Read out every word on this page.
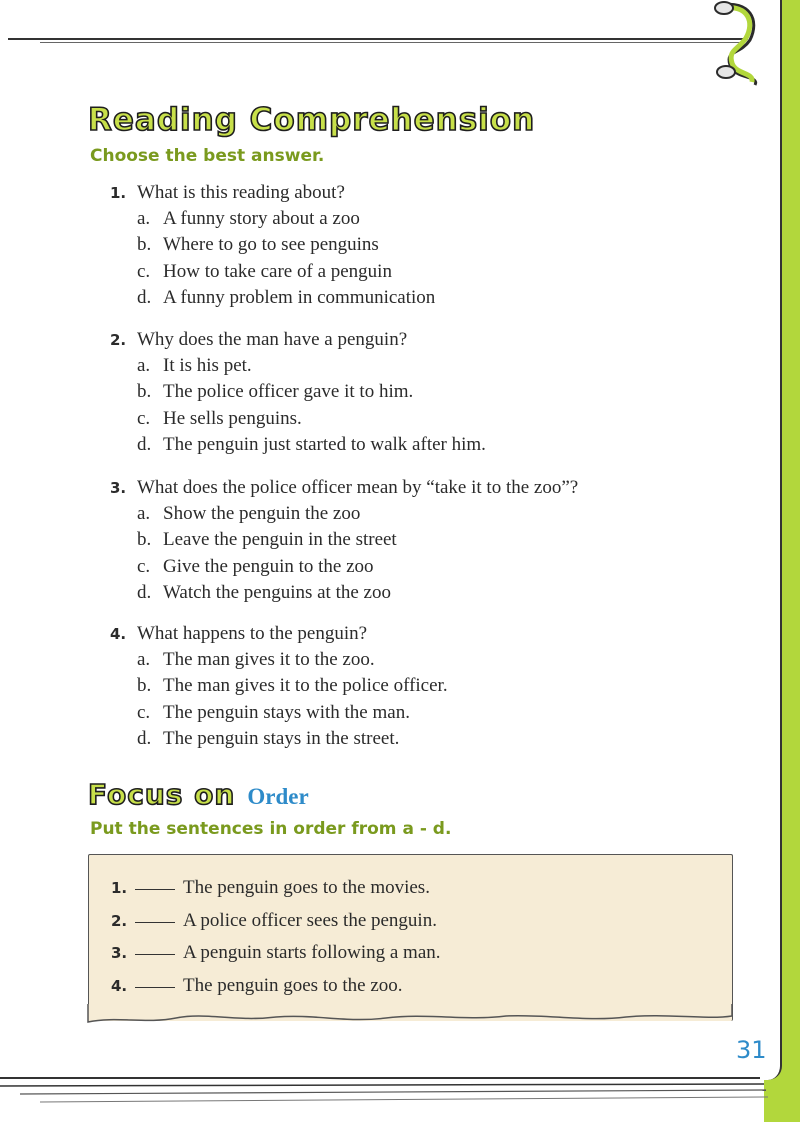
Reading Comprehension

Choose the best answer.

1. What is this reading about?
a. A funny story about a zoo
b. Where to go to see penguins
c. How to take care of a penguin
d. A funny problem in communication
2. Why does the man have a penguin?
a. It is his pet.
b. The police officer gave it to him.
c. He sells penguins.
d. The penguin just started to walk after him.
3. What does the police officer mean by “take it to the zoo”?
a. Show the penguin the zoo
b. Leave the penguin in the street
c. Give the penguin to the zoo
d. Watch the penguins at the zoo
4. What happens to the penguin?
a. The man gives it to the zoo.
b. The man gives it to the police officer.
c. The penguin stays with the man.
d. The penguin stays in the street.
Focus on Order

Put the sentences in order from a - d.

1.	The penguin goes to the movies.
2.	A police officer sees the penguin.
3.	A penguin starts following a man.
4.	The penguin goes to the zoo.
31
